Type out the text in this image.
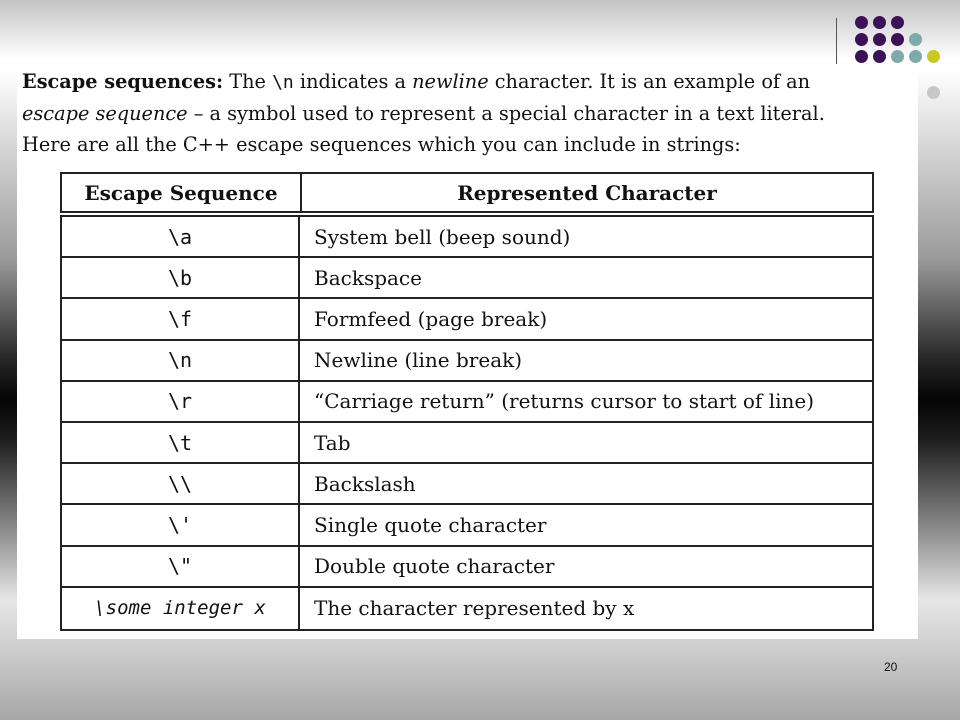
Escape sequences: The \n indicates a newline character. It is an example of an
escape sequence – a symbol used to represent a special character in a text literal.
Here are all the C++ escape sequences which you can include in strings:
Escape Sequence	Represented Character
\a	System bell (beep sound)
\b	Backspace
\f	Formfeed (page break)
\n	Newline (line break)
\r	“Carriage return” (returns cursor to start of line)
\t	Tab
\\	Backslash
\'	Single quote character
\"	Double quote character
\some integer x	The character represented by x
20
